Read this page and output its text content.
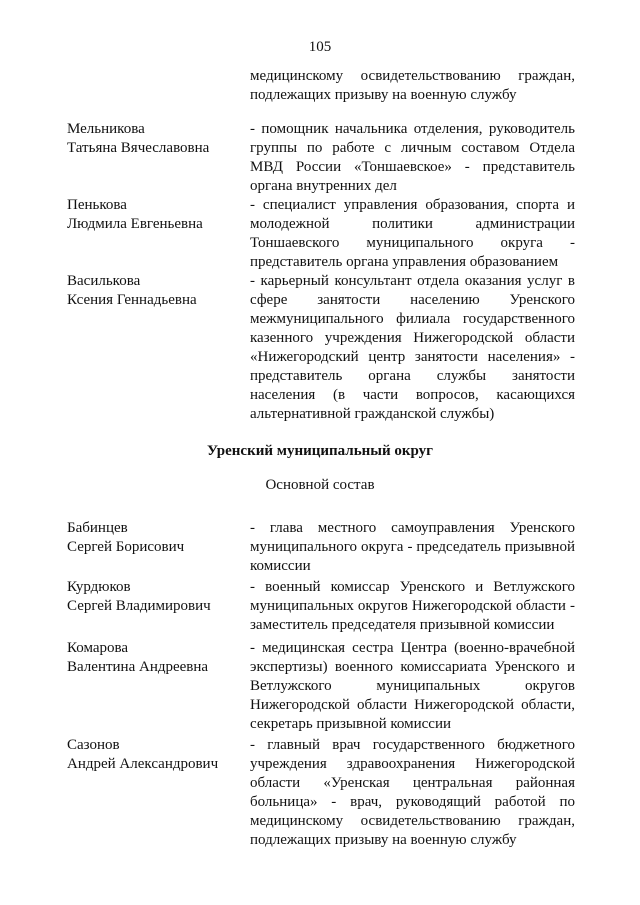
105
медицинскому освидетельствованию граждан, подлежащих призыву на военную службу
Мельникова
Татьяна Вячеславовна
- помощник начальника отделения, руководитель группы по работе с личным составом Отдела МВД России «Тоншаевское» - представитель органа внутренних дел
Пенькова
Людмила Евгеньевна
- специалист управления образования, спорта и молодежной политики администрации Тоншаевского муниципального округа - представитель органа управления образованием
Василькова
Ксения Геннадьевна
- карьерный консультант отдела оказания услуг в сфере занятости населению Уренского межмуниципального филиала государственного казенного учреждения Нижегородской области «Нижегородский центр занятости населения» - представитель органа службы занятости населения (в части вопросов, касающихся альтернативной гражданской службы)
Уренский муниципальный округ
Основной состав
Бабинцев
Сергей Борисович
- глава местного самоуправления Уренского муниципального округа - председатель призывной комиссии
Курдюков
Сергей Владимирович
- военный комиссар Уренского и Ветлужского муниципальных округов Нижегородской области - заместитель председателя призывной комиссии
Комарова
Валентина Андреевна
- медицинская сестра Центра (военно-врачебной экспертизы) военного комиссариата Уренского и Ветлужского муниципальных округов Нижегородской области Нижегородской области, секретарь призывной комиссии
Сазонов
Андрей Александрович
- главный врач государственного бюджетного учреждения здравоохранения Нижегородской области «Уренская центральная районная больница» - врач, руководящий работой по медицинскому освидетельствованию граждан, подлежащих призыву на военную службу
